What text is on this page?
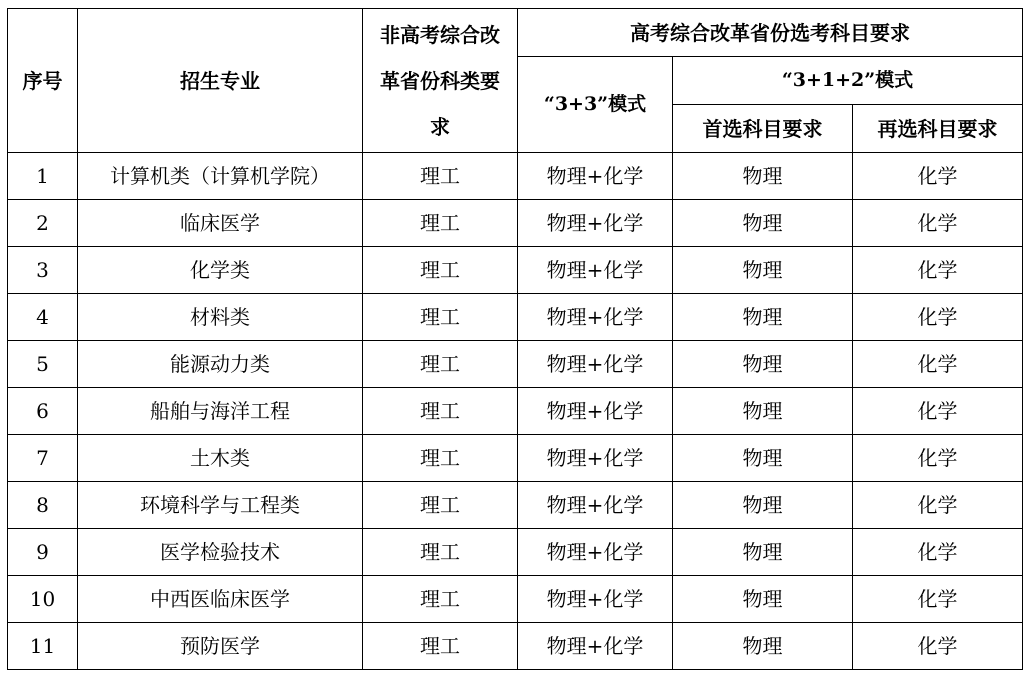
序号	招生专业	非高考综合改革省份科类要求	高考综合改革省份选考科目要求		
			“3+3”模式	“3+1+2”模式	
				首选科目要求	再选科目要求
1	计算机类（计算机学院）	理工	物理+化学	物理	化学
2	临床医学	理工	物理+化学	物理	化学
3	化学类	理工	物理+化学	物理	化学
4	材料类	理工	物理+化学	物理	化学
5	能源动力类	理工	物理+化学	物理	化学
6	船舶与海洋工程	理工	物理+化学	物理	化学
7	土木类	理工	物理+化学	物理	化学
8	环境科学与工程类	理工	物理+化学	物理	化学
9	医学检验技术	理工	物理+化学	物理	化学
10	中西医临床医学	理工	物理+化学	物理	化学
11	预防医学	理工	物理+化学	物理	化学
